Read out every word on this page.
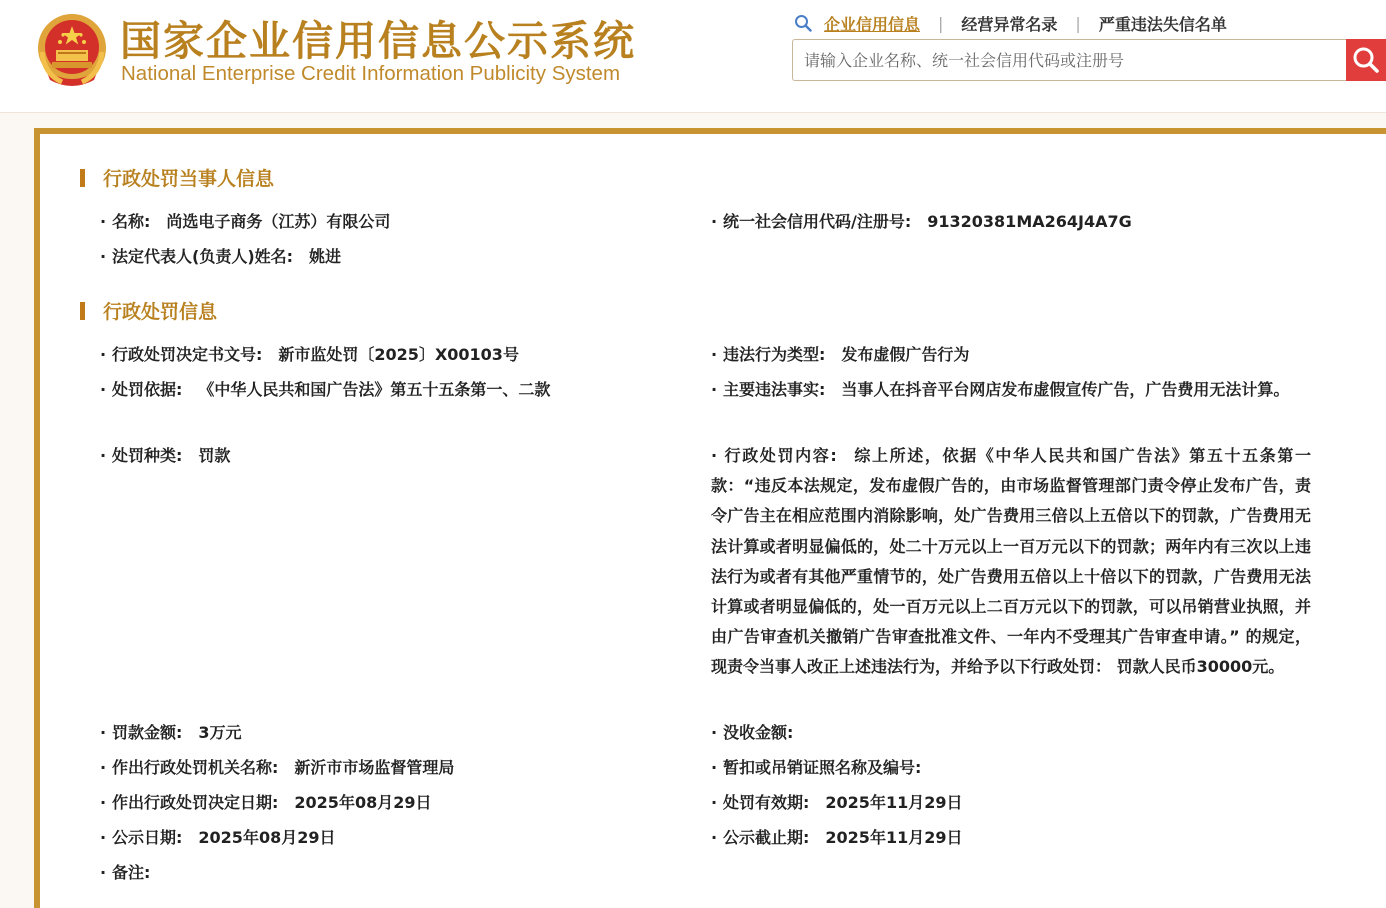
国家企业信用信息公示系统
National Enterprise Credit Information Publicity System
企业信用信息 | 经营异常名录 | 严重违法失信名单
请输入企业名称、统一社会信用代码或注册号
行政处罚当事人信息
· 名称: 尚选电子商务（江苏）有限公司	· 统一社会信用代码/注册号: 91320381MA264J4A7G
· 法定代表人(负责人)姓名: 姚进
行政处罚信息
· 行政处罚决定书文号: 新市监处罚〔2025〕X00103号	· 违法行为类型: 发布虚假广告行为
· 处罚依据: 《中华人民共和国广告法》第五十五条第一、二款	· 主要违法事实: 当事人在抖音平台网店发布虚假宣传广告，广告费用无法计算。
· 处罚种类: 罚款	· 行政处罚内容: 综上所述，依据《中华人民共和国广告法》第五十五条第一款：“违反本法规定，发布虚假广告的，由市场监督管理部门责令停止发布广告，责令广告主在相应范围内消除影响，处广告费用三倍以上五倍以下的罚款，广告费用无法计算或者明显偏低的，处二十万元以上一百万元以下的罚款；两年内有三次以上违法行为或者有其他严重情节的，处广告费用五倍以上十倍以下的罚款，广告费用无法计算或者明显偏低的，处一百万元以上二百万元以下的罚款，可以吊销营业执照，并由广告审查机关撤销广告审查批准文件、一年内不受理其广告审查申请。” 的规定，现责令当事人改正上述违法行为，并给予以下行政处罚： 罚款人民币30000元。
· 罚款金额: 3万元	· 没收金额:
· 作出行政处罚机关名称: 新沂市市场监督管理局	· 暂扣或吊销证照名称及编号:
· 作出行政处罚决定日期: 2025年08月29日	· 处罚有效期: 2025年11月29日
· 公示日期: 2025年08月29日	· 公示截止期: 2025年11月29日
· 备注:
